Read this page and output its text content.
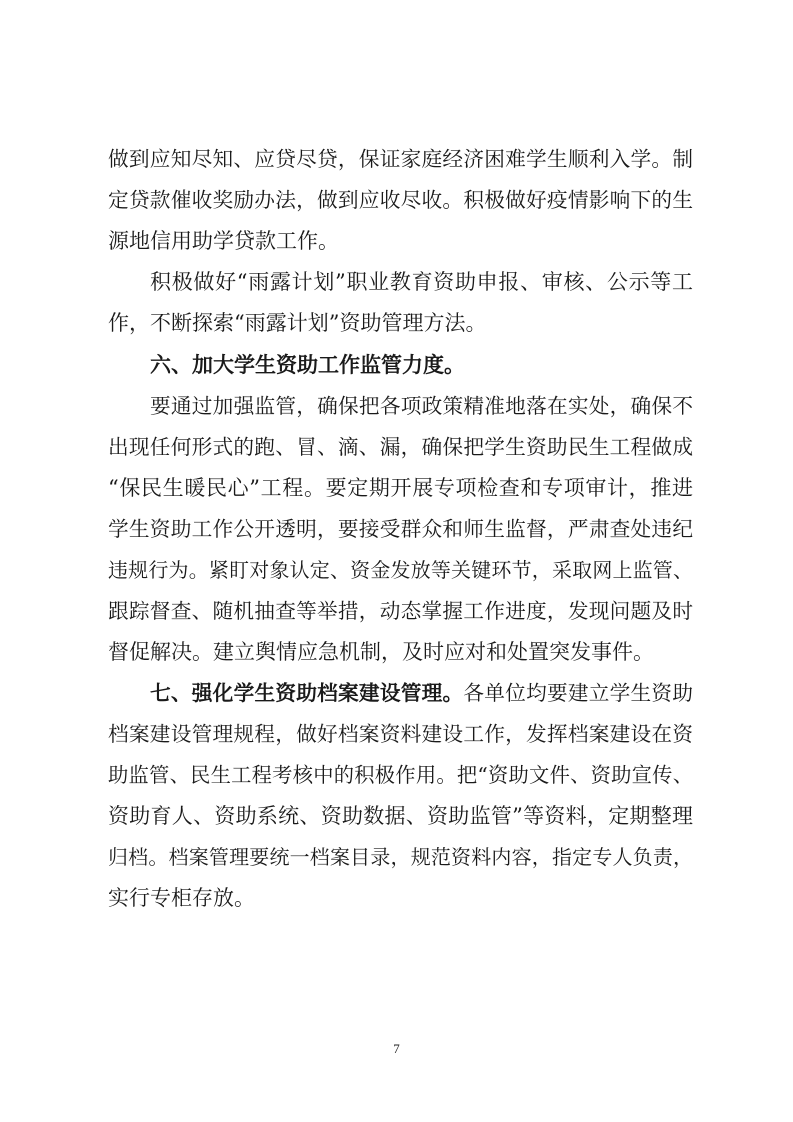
做到应知尽知、应贷尽贷，保证家庭经济困难学生顺利入学。制
定贷款催收奖励办法，做到应收尽收。积极做好疫情影响下的生
源地信用助学贷款工作。
积极做好“雨露计划”职业教育资助申报、审核、公示等工
作，不断探索“雨露计划”资助管理方法。
六、加大学生资助工作监管力度。
要通过加强监管，确保把各项政策精准地落在实处，确保不
出现任何形式的跑、冒、滴、漏，确保把学生资助民生工程做成
“保民生暖民心”工程。要定期开展专项检查和专项审计，推进
学生资助工作公开透明，要接受群众和师生监督，严肃查处违纪
违规行为。紧盯对象认定、资金发放等关键环节，采取网上监管、
跟踪督查、随机抽查等举措，动态掌握工作进度，发现问题及时
督促解决。建立舆情应急机制，及时应对和处置突发事件。
七、强化学生资助档案建设管理。各单位均要建立学生资助
档案建设管理规程，做好档案资料建设工作，发挥档案建设在资
助监管、民生工程考核中的积极作用。把“资助文件、资助宣传、
资助育人、资助系统、资助数据、资助监管”等资料，定期整理
归档。档案管理要统一档案目录，规范资料内容，指定专人负责，
实行专柜存放。
7
